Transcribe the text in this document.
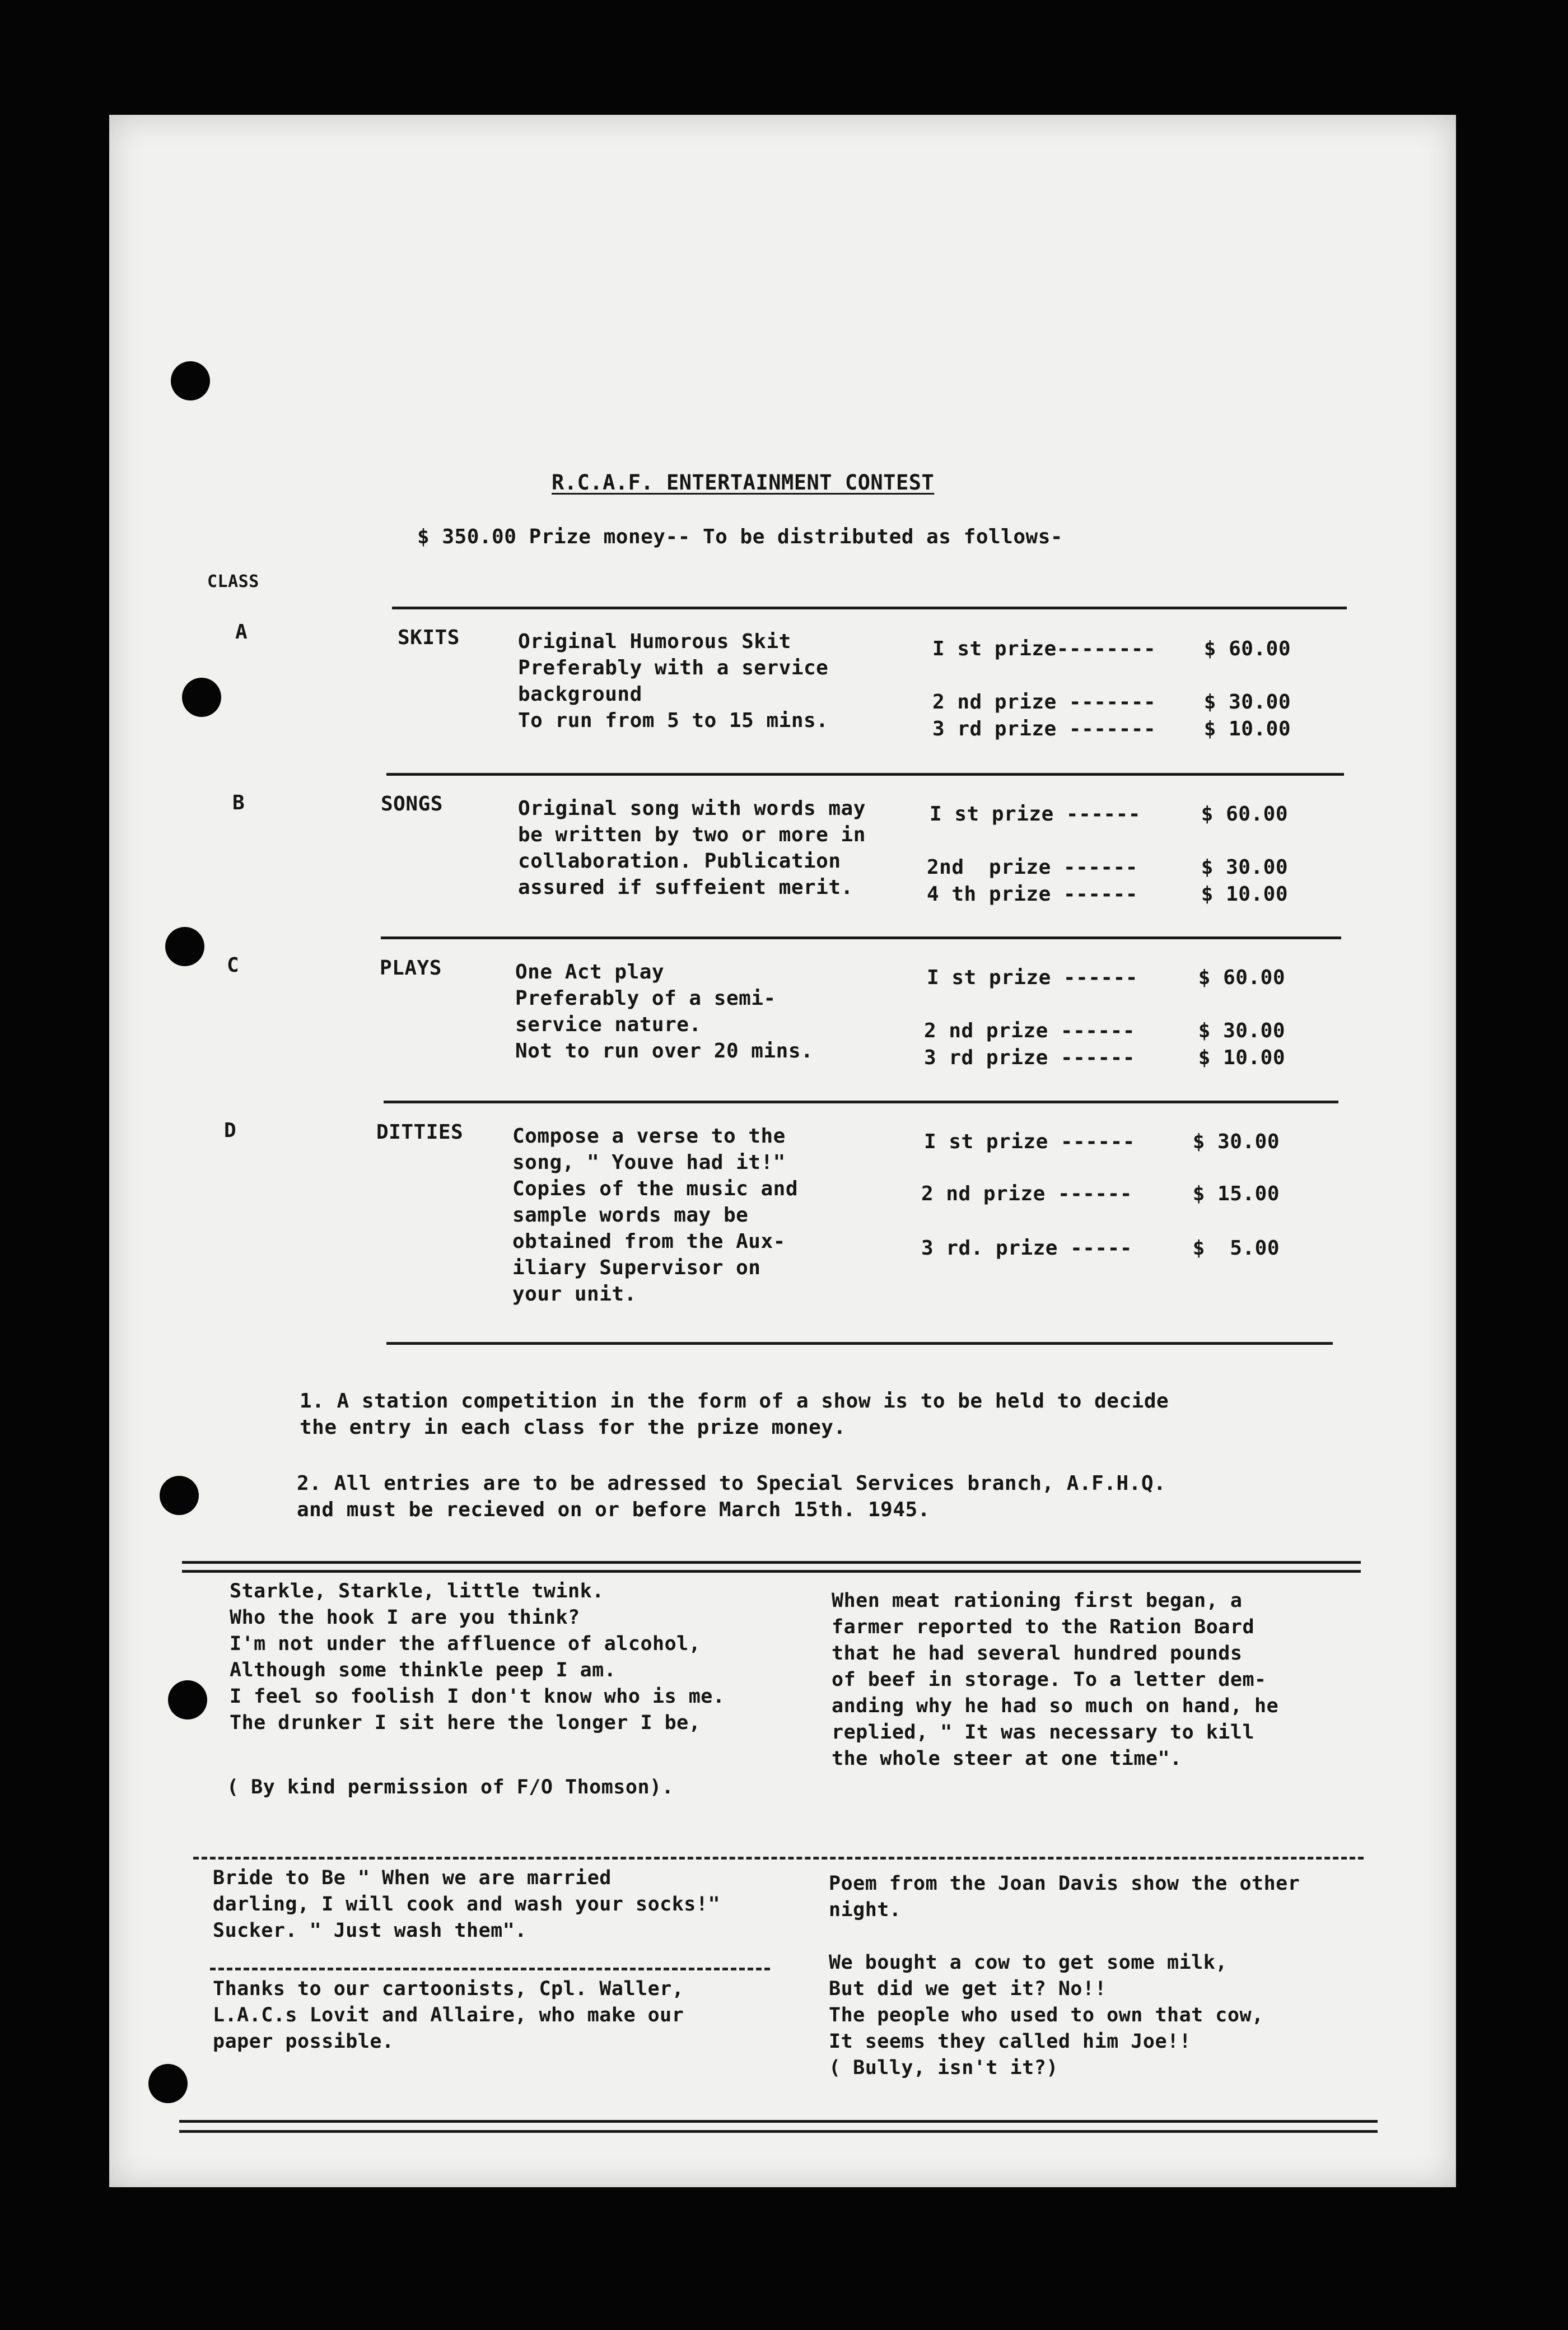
R.C.A.F. ENTERTAINMENT CONTEST
$ 350.00 Prize money-- To be distributed as follows-
CLASS
A	SKITS	Original Humorous Skit
Preferably with a service
background
To run from 5 to 15 mins.
I st prize--------	$ 60.00
2 nd prize -------	$ 30.00
3 rd prize -------	$ 10.00
B	SONGS	Original song with words may
be written by two or more in
collaboration. Publication
assured if suffeient merit.
I st prize ------	$ 60.00
2nd  prize ------	$ 30.00
4 th prize ------	$ 10.00
C	PLAYS	One Act play
Preferably of a semi-
service nature.
Not to run over 20 mins.
I st prize ------	$ 60.00
2 nd prize ------	$ 30.00
3 rd prize ------	$ 10.00
D	DITTIES Compose a verse to the
song, " Youve had it!"
Copies of the music and
sample words may be
obtained from the Aux-
iliary Supervisor on
your unit.
I st prize ------	$ 30.00
2 nd prize ------	$ 15.00
3 rd. prize -----	$  5.00
1. A station competition in the form of a show is to be held to decide
the entry in each class for the prize money.
2. All entries are to be adressed to Special Services branch, A.F.H.Q.
and must be recieved on or before March 15th. 1945.
Starkle, Starkle, little twink.
Who the hook I are you think?
I'm not under the affluence of alcohol,
Although some thinkle peep I am.
I feel so foolish I don't know who is me.
The drunker I sit here the longer I be,
( By kind permission of F/O Thomson).
When meat rationing first began, a
farmer reported to the Ration Board
that he had several hundred pounds
of beef in storage. To a letter dem-
anding why he had so much on hand, he
replied, " It was necessary to kill
the whole steer at one time".
Bride to Be " When we are married
darling, I will cook and wash your socks!"
Sucker. " Just wash them".
Thanks to our cartoonists, Cpl. Waller,
L.A.C.s Lovit and Allaire, who make our
paper possible.
Poem from the Joan Davis show the other
night.

We bought a cow to get some milk,
But did we get it? No!!
The people who used to own that cow,
It seems they called him Joe!!
( Bully, isn't it?)
